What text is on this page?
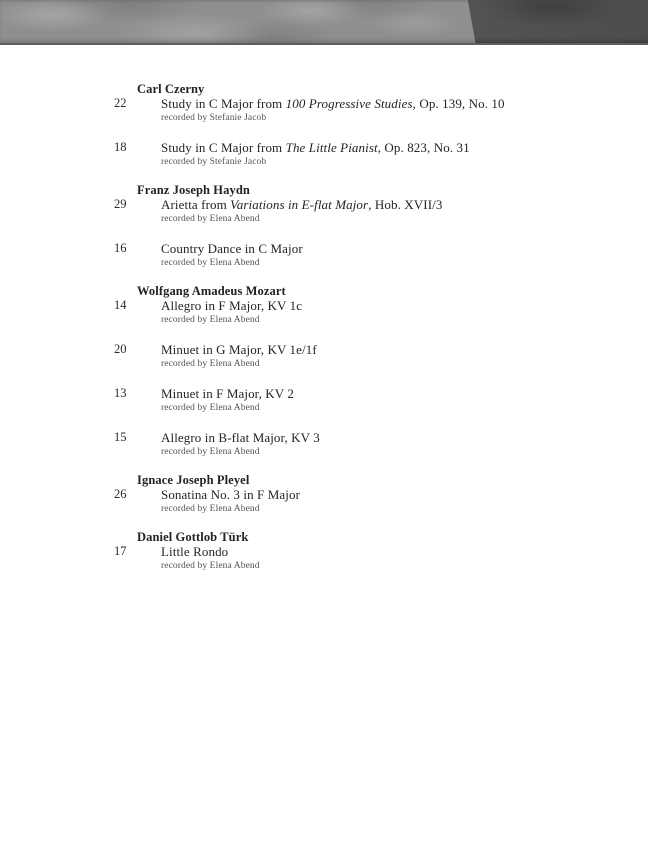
Carl Czerny
22	Study in C Major from 100 Progressive Studies, Op. 139, No. 10
recorded by Stefanie Jacob
18	Study in C Major from The Little Pianist, Op. 823, No. 31
recorded by Stefanie Jacob
Franz Joseph Haydn
29	Arietta from Variations in E-flat Major, Hob. XVII/3
recorded by Elena Abend
16	Country Dance in C Major
recorded by Elena Abend
Wolfgang Amadeus Mozart
14	Allegro in F Major, KV 1c
recorded by Elena Abend
20	Minuet in G Major, KV 1e/1f
recorded by Elena Abend
13	Minuet in F Major, KV 2
recorded by Elena Abend
15	Allegro in B-flat Major, KV 3
recorded by Elena Abend
Ignace Joseph Pleyel
26	Sonatina No. 3 in F Major
recorded by Elena Abend
Daniel Gottlob Türk
17	Little Rondo
recorded by Elena Abend
